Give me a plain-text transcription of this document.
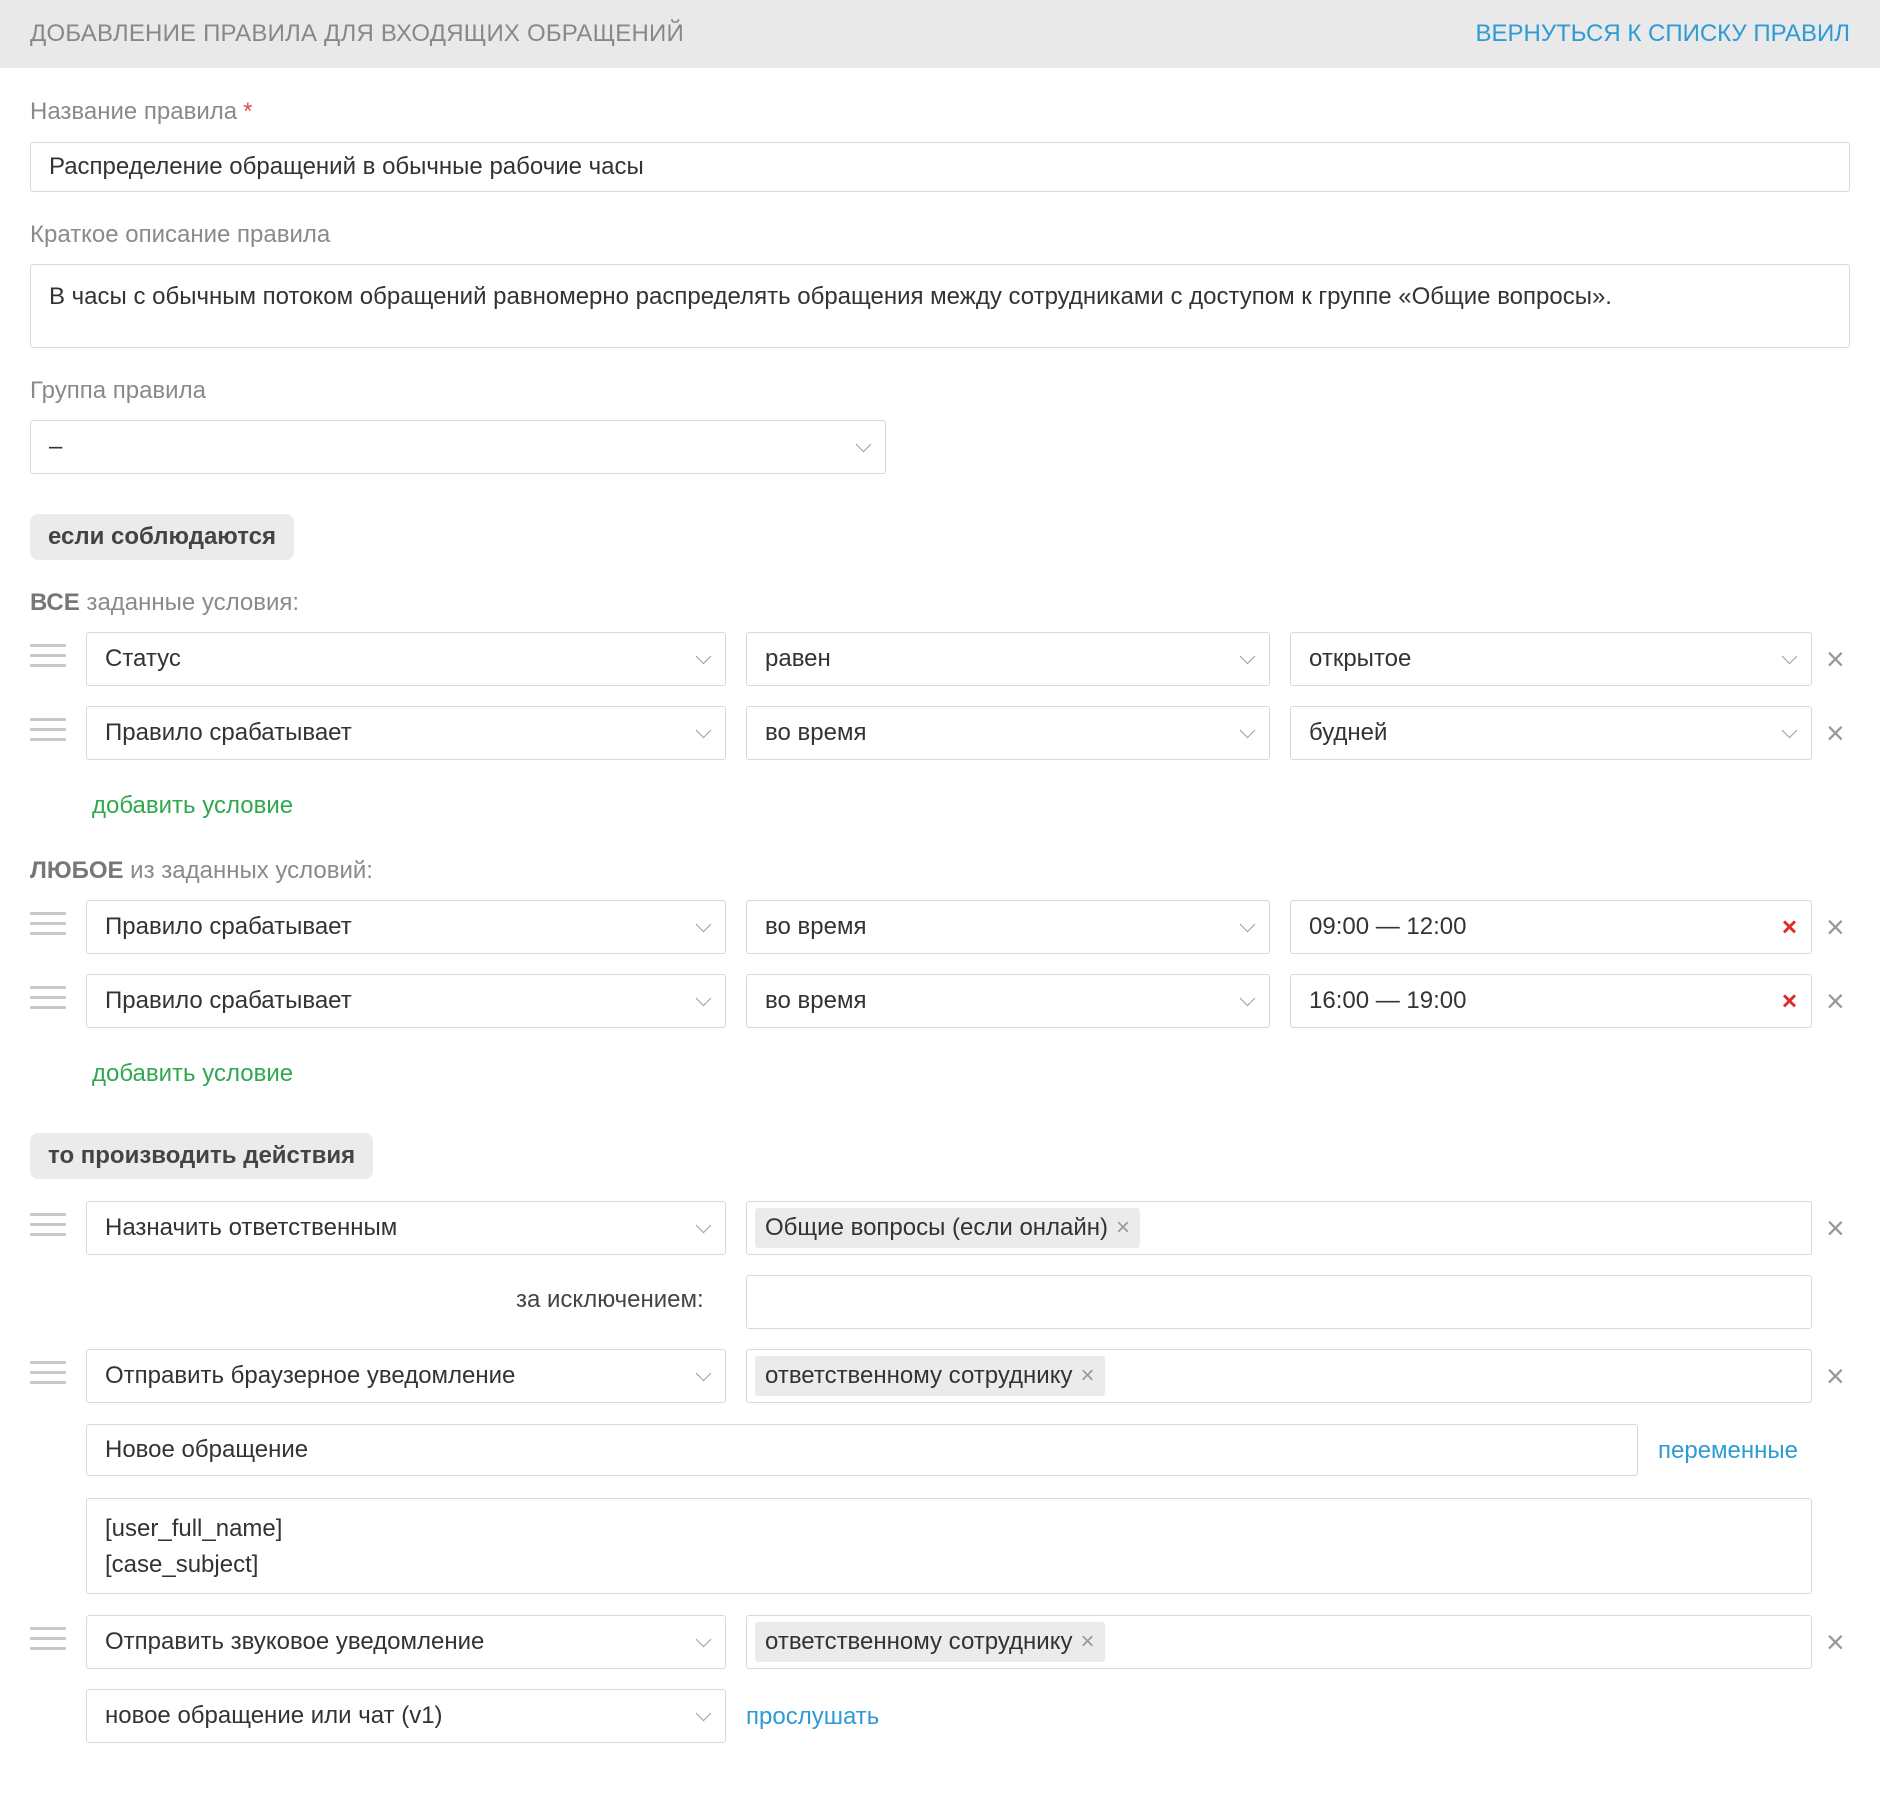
ДОБАВЛЕНИЕ ПРАВИЛА ДЛЯ ВХОДЯЩИХ ОБРАЩЕНИЙ	ВЕРНУТЬСЯ К СПИСКУ ПРАВИЛ
Название правила *
Распределение обращений в обычные рабочие часы
Краткое описание правила
В часы с обычным потоком обращений равномерно распределять обращения между сотрудниками с доступом к группе «Общие вопросы».
Группа правила
–
если соблюдаются
ВСЕ заданные условия:
Статус	равен	открытое	×
Правило срабатывает	во время	будней	×
добавить условие
ЛЮБОЕ из заданных условий:
Правило срабатывает	во время	09:00 — 12:00	× ×
Правило срабатывает	во время	16:00 — 19:00	× ×
добавить условие
то производить действия
Назначить ответственным	Общие вопросы (если онлайн) ×	×
за исключением:
Отправить браузерное уведомление	ответственному сотруднику ×	×
Новое обращение	переменные
[user_full_name]
[case_subject]
Отправить звуковое уведомление	ответственному сотруднику ×	×
новое обращение или чат (v1)	прослушать
